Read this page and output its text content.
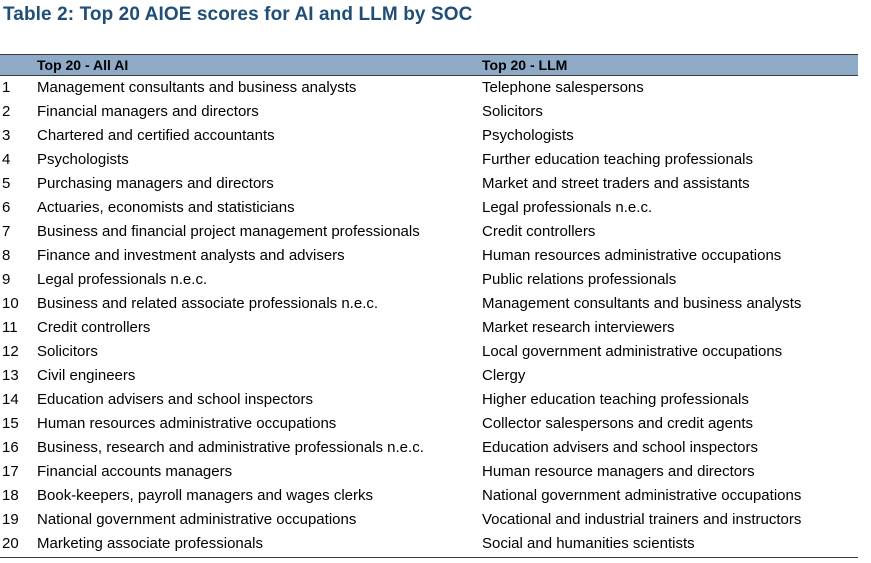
Table 2: Top 20 AIOE scores for AI and LLM by SOC
Top 20 - All AI	Top 20 - LLM
1 Management consultants and business analysts	Telephone salespersons
2 Financial managers and directors	Solicitors
3 Chartered and certified accountants	Psychologists
4 Psychologists	Further education teaching professionals
5 Purchasing managers and directors	Market and street traders and assistants
6 Actuaries, economists and statisticians	Legal professionals n.e.c.
7 Business and financial project management professionals	Credit controllers
8 Finance and investment analysts and advisers	Human resources administrative occupations
9 Legal professionals n.e.c.	Public relations professionals
10 Business and related associate professionals n.e.c.	Management consultants and business analysts
11 Credit controllers	Market research interviewers
12 Solicitors	Local government administrative occupations
13 Civil engineers	Clergy
14 Education advisers and school inspectors	Higher education teaching professionals
15 Human resources administrative occupations	Collector salespersons and credit agents
16 Business, research and administrative professionals n.e.c.	Education advisers and school inspectors
17 Financial accounts managers	Human resource managers and directors
18 Book-keepers, payroll managers and wages clerks	National government administrative occupations
19 National government administrative occupations	Vocational and industrial trainers and instructors
20 Marketing associate professionals	Social and humanities scientists
